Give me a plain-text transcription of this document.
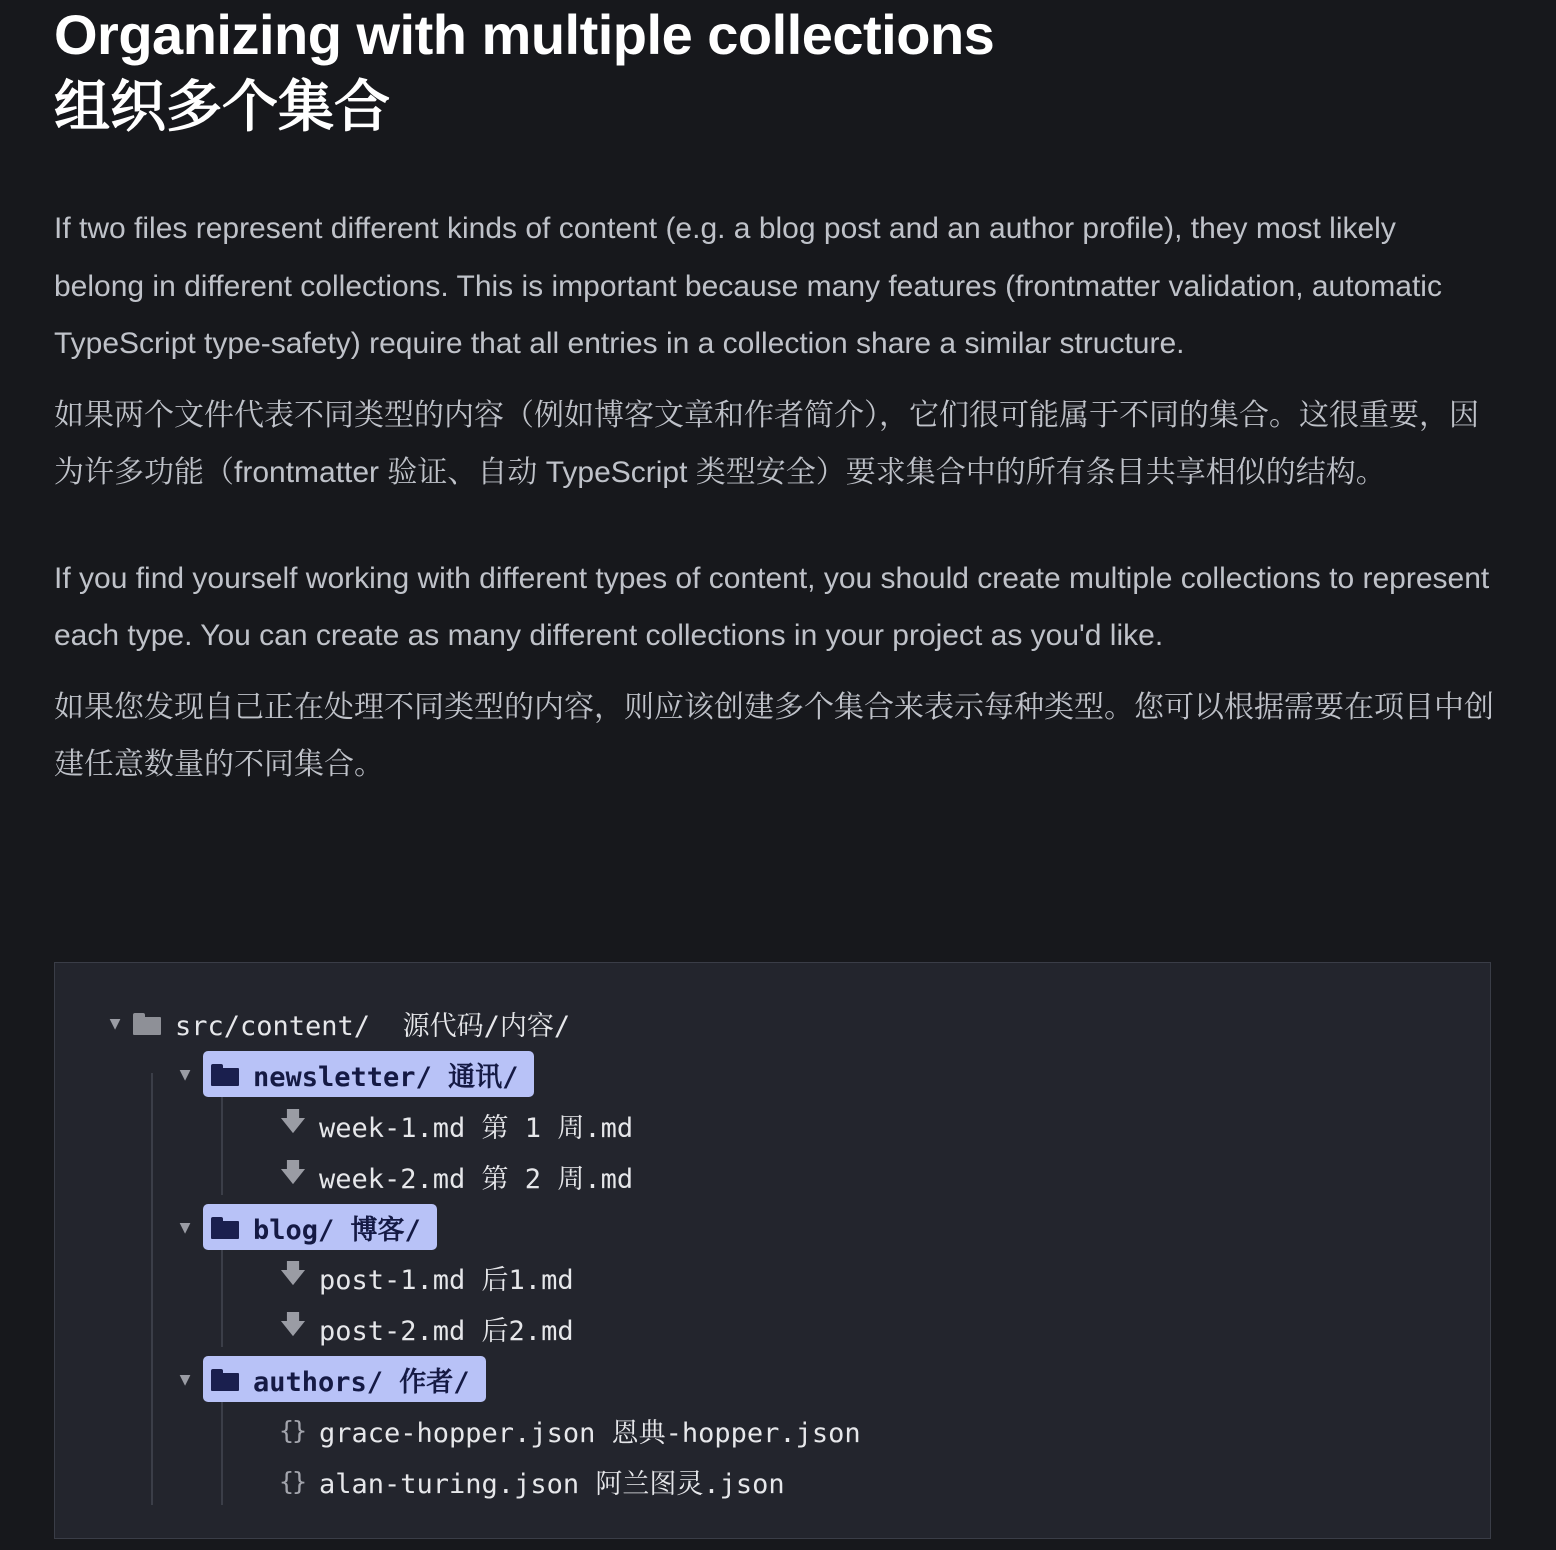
Organizing with multiple collections
组织多个集合

If two files represent different kinds of content (e.g. a blog post and an author profile), they most likely belong in different collections. This is important because many features (frontmatter validation, automatic TypeScript type-safety) require that all entries in a collection share a similar structure.

如果两个文件代表不同类型的内容（例如博客文章和作者简介），它们很可能属于不同的集合。这很重要，因为许多功能（frontmatter 验证、自动 TypeScript 类型安全）要求集合中的所有条目共享相似的结构。

If you find yourself working with different types of content, you should create multiple collections to represent each type. You can create as many different collections in your project as you'd like.

如果您发现自己正在处理不同类型的内容，则应该创建多个集合来表示每种类型。您可以根据需要在项目中创建任意数量的不同集合。

▼ src/content/  源代码/内容/
▼ newsletter/ 通讯/
🡇 week-1.md 第 1 周.md
🡇 week-2.md 第 2 周.md
▼ blog/ 博客/
🡇 post-1.md 后1.md
🡇 post-2.md 后2.md
▼ authors/ 作者/
{} grace-hopper.json 恩典-hopper.json
{} alan-turing.json 阿兰图灵.json
